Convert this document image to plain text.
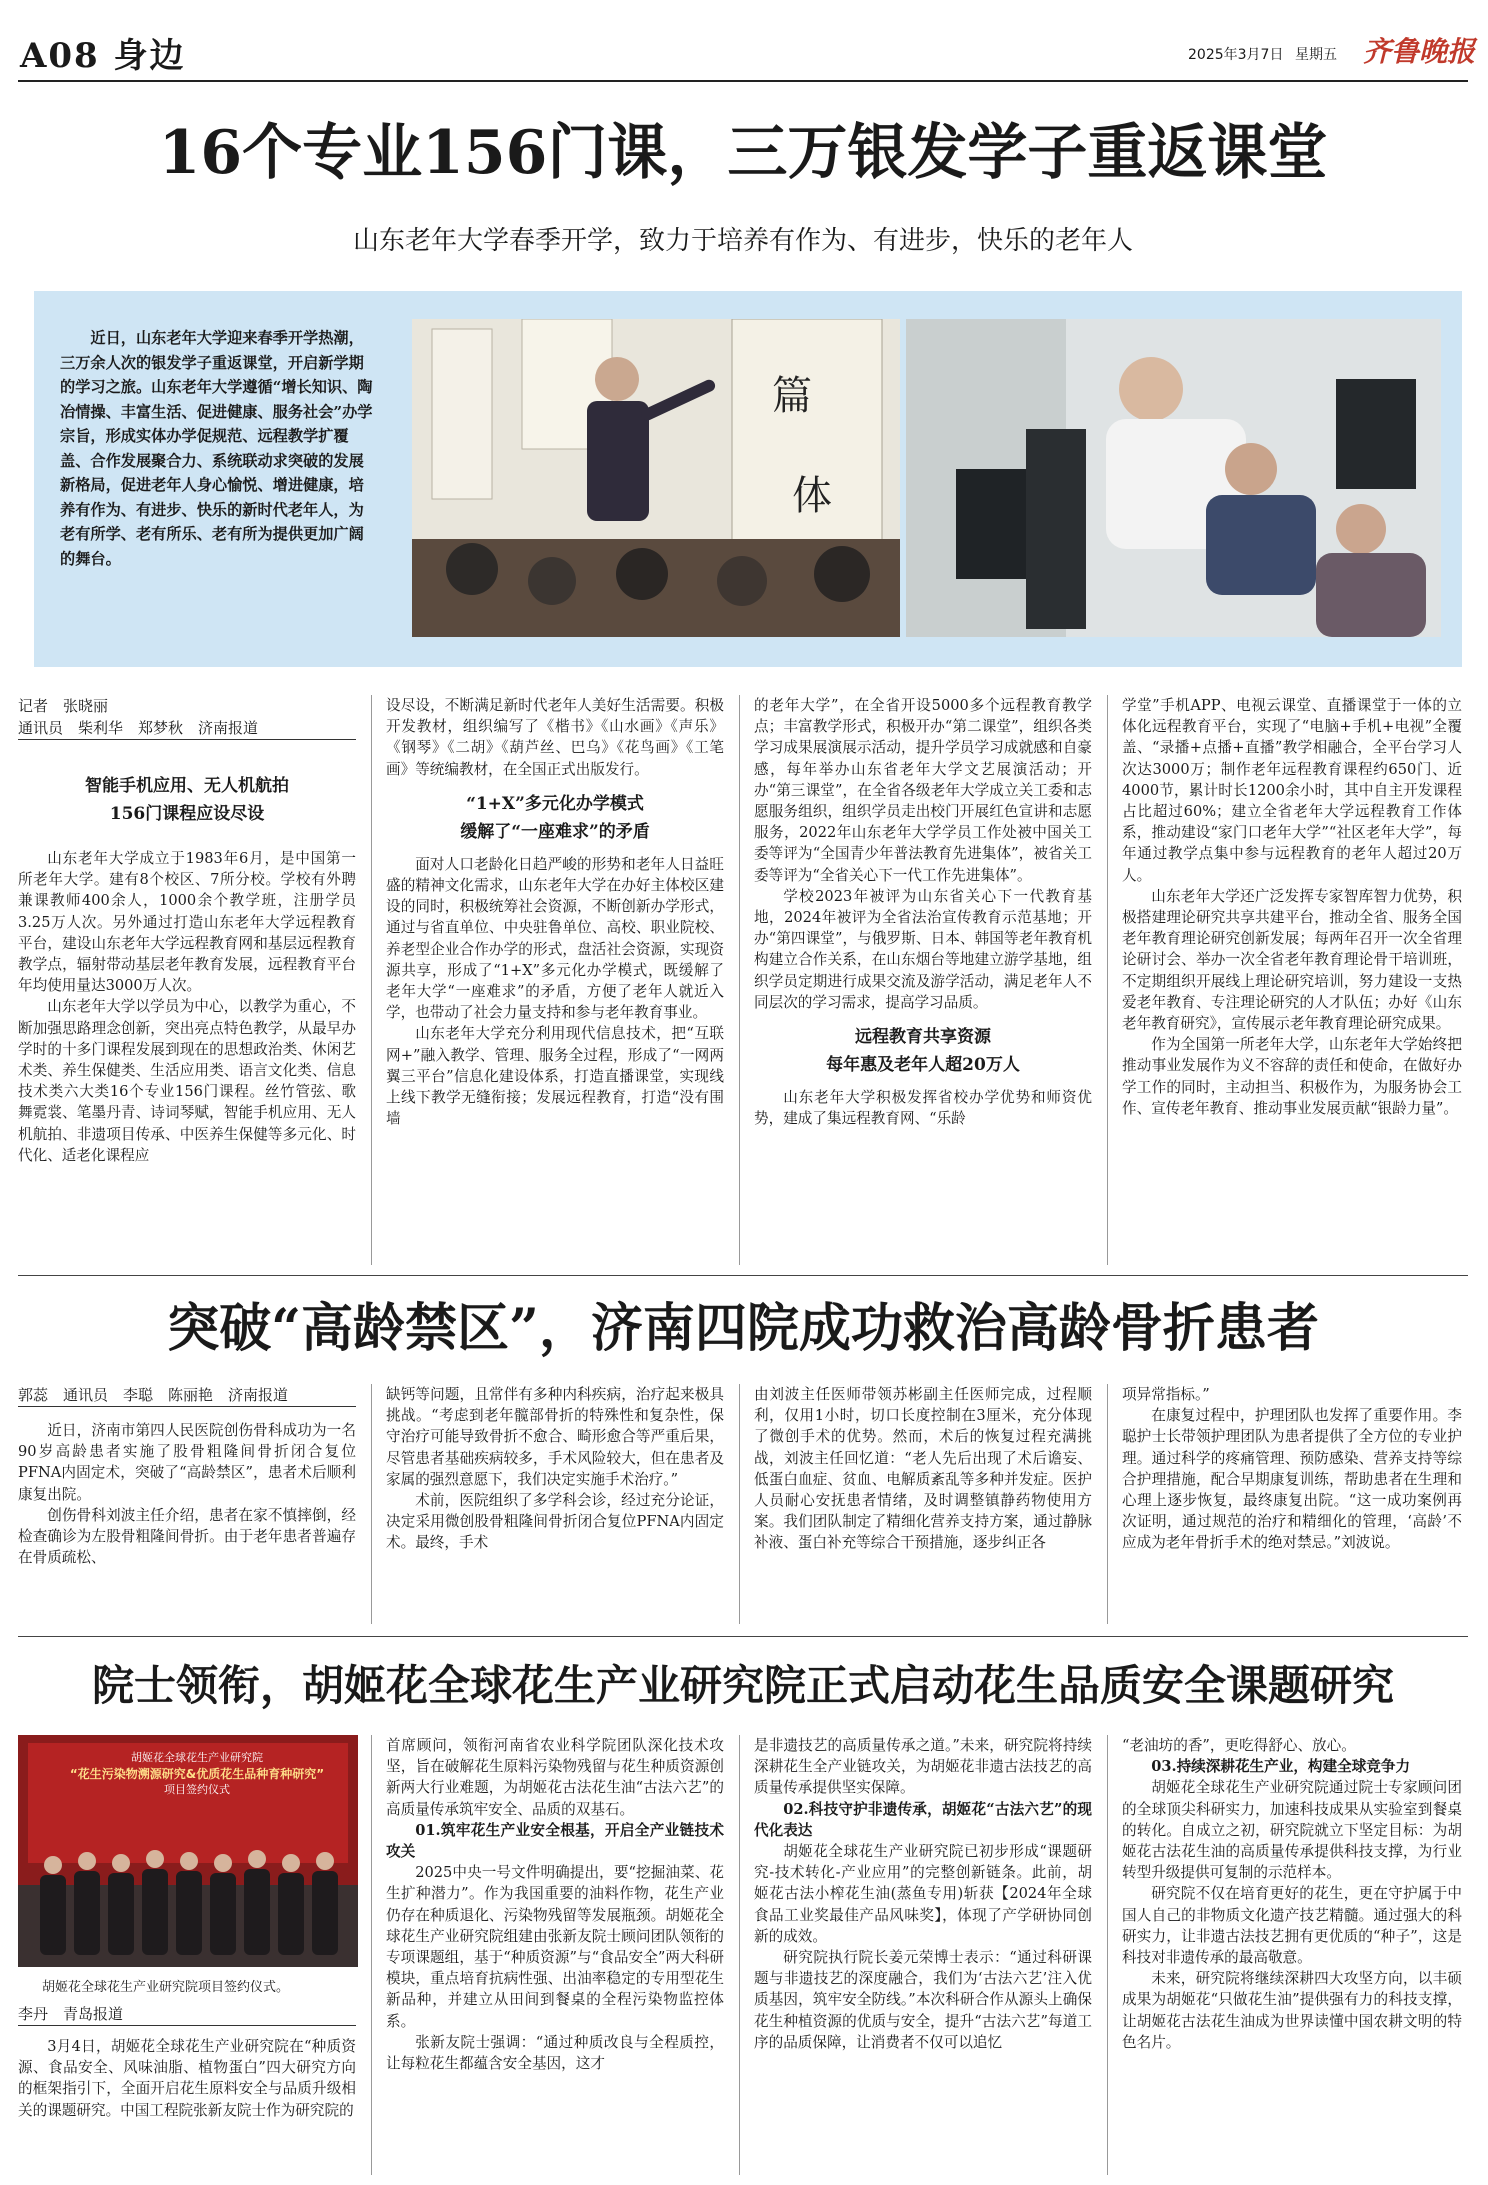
A08 身边	2025年3月7日 星期五 齐鲁晚报
16个专业156门课，三万银发学子重返课堂
山东老年大学春季开学，致力于培养有作为、有进步，快乐的老年人
近日，山东老年大学迎来春季开学热潮，三万余人次的银发学子重返课堂，开启新学期的学习之旅。山东老年大学遵循“增长知识、陶冶情操、丰富生活、促进健康、服务社会”办学宗旨，形成实体办学促规范、远程教学扩覆盖、合作发展聚合力、系统联动求突破的发展新格局，促进老年人身心愉悦、增进健康，培养有作为、有进步、快乐的新时代老年人，为老有所学、老有所乐、老有所为提供更加广阔的舞台。
篇
体
记者　张晓丽
通讯员　柴利华　郑梦秋　济南报道
智能手机应用、无人机航拍
156门课程应设尽设

山东老年大学成立于1983年6月，是中国第一所老年大学。建有8个校区、7所分校。学校有外聘兼课教师400余人，1000余个教学班，注册学员3.25万人次。另外通过打造山东老年大学远程教育平台，建设山东老年大学远程教育网和基层远程教育教学点，辐射带动基层老年教育发展，远程教育平台年均使用量达3000万人次。

山东老年大学以学员为中心，以教学为重心，不断加强思路理念创新，突出亮点特色教学，从最早办学时的十多门课程发展到现在的思想政治类、休闲艺术类、养生保健类、生活应用类、语言文化类、信息技术类六大类16个专业156门课程。丝竹管弦、歌舞霓裳、笔墨丹青、诗词琴赋，智能手机应用、无人机航拍、非遗项目传承、中医养生保健等多元化、时代化、适老化课程应

设尽设，不断满足新时代老年人美好生活需要。积极开发教材，组织编写了《楷书》《山水画》《声乐》《钢琴》《二胡》《葫芦丝、巴乌》《花鸟画》《工笔画》等统编教材，在全国正式出版发行。

“1+X”多元化办学模式
缓解了“一座难求”的矛盾

面对人口老龄化日趋严峻的形势和老年人日益旺盛的精神文化需求，山东老年大学在办好主体校区建设的同时，积极统筹社会资源，不断创新办学形式，通过与省直单位、中央驻鲁单位、高校、职业院校、养老型企业合作办学的形式，盘活社会资源，实现资源共享，形成了“1+X”多元化办学模式，既缓解了老年大学“一座难求”的矛盾，方便了老年人就近入学，也带动了社会力量支持和参与老年教育事业。

山东老年大学充分利用现代信息技术，把“互联网+”融入教学、管理、服务全过程，形成了“一网两翼三平台”信息化建设体系，打造直播课堂，实现线上线下教学无缝衔接；发展远程教育，打造“没有围墙

的老年大学”，在全省开设5000多个远程教育教学点；丰富教学形式，积极开办“第二课堂”，组织各类学习成果展演展示活动，提升学员学习成就感和自豪感，每年举办山东省老年大学文艺展演活动；开办“第三课堂”，在全省各级老年大学成立关工委和志愿服务组织，组织学员走出校门开展红色宣讲和志愿服务，2022年山东老年大学学员工作处被中国关工委等评为“全国青少年普法教育先进集体”，被省关工委等评为“全省关心下一代工作先进集体”。

学校2023年被评为山东省关心下一代教育基地，2024年被评为全省法治宣传教育示范基地；开办“第四课堂”，与俄罗斯、日本、韩国等老年教育机构建立合作关系，在山东烟台等地建立游学基地，组织学员定期进行成果交流及游学活动，满足老年人不同层次的学习需求，提高学习品质。

远程教育共享资源
每年惠及老年人超20万人

山东老年大学积极发挥省校办学优势和师资优势，建成了集远程教育网、“乐龄

学堂”手机APP、电视云课堂、直播课堂于一体的立体化远程教育平台，实现了“电脑+手机+电视”全覆盖、“录播+点播+直播”教学相融合，全平台学习人次达3000万；制作老年远程教育课程约650门、近4000节，累计时长1200余小时，其中自主开发课程占比超过60%；建立全省老年大学远程教育工作体系，推动建设“家门口老年大学”“社区老年大学”，每年通过教学点集中参与远程教育的老年人超过20万人。

山东老年大学还广泛发挥专家智库智力优势，积极搭建理论研究共享共建平台，推动全省、服务全国老年教育理论研究创新发展；每两年召开一次全省理论研讨会、举办一次全省老年教育理论骨干培训班，不定期组织开展线上理论研究培训，努力建设一支热爱老年教育、专注理论研究的人才队伍；办好《山东老年教育研究》，宣传展示老年教育理论研究成果。

作为全国第一所老年大学，山东老年大学始终把推动事业发展作为义不容辞的责任和使命，在做好办学工作的同时，主动担当、积极作为，为服务协会工作、宣传老年教育、推动事业发展贡献“银龄力量”。

突破“高龄禁区”，济南四院成功救治高龄骨折患者
郭蕊　通讯员　李聪　陈丽艳　济南报道

近日，济南市第四人民医院创伤骨科成功为一名90岁高龄患者实施了股骨粗隆间骨折闭合复位PFNA内固定术，突破了“高龄禁区”，患者术后顺利康复出院。

创伤骨科刘波主任介绍，患者在家不慎摔倒，经检查确诊为左股骨粗隆间骨折。由于老年患者普遍存在骨质疏松、

缺钙等问题，且常伴有多种内科疾病，治疗起来极具挑战。“考虑到老年髋部骨折的特殊性和复杂性，保守治疗可能导致骨折不愈合、畸形愈合等严重后果，尽管患者基础疾病较多，手术风险较大，但在患者及家属的强烈意愿下，我们决定实施手术治疗。”

术前，医院组织了多学科会诊，经过充分论证，决定采用微创股骨粗隆间骨折闭合复位PFNA内固定术。最终，手术

由刘波主任医师带领苏彬副主任医师完成，过程顺利，仅用1小时，切口长度控制在3厘米，充分体现了微创手术的优势。然而，术后的恢复过程充满挑战，刘波主任回忆道：“老人先后出现了术后谵妄、低蛋白血症、贫血、电解质紊乱等多种并发症。医护人员耐心安抚患者情绪，及时调整镇静药物使用方案。我们团队制定了精细化营养支持方案，通过静脉补液、蛋白补充等综合干预措施，逐步纠正各

项异常指标。”

在康复过程中，护理团队也发挥了重要作用。李聪护士长带领护理团队为患者提供了全方位的专业护理。通过科学的疼痛管理、预防感染、营养支持等综合护理措施，配合早期康复训练，帮助患者在生理和心理上逐步恢复，最终康复出院。“这一成功案例再次证明，通过规范的治疗和精细化的管理，‘高龄’不应成为老年骨折手术的绝对禁忌。”刘波说。

院士领衔，胡姬花全球花生产业研究院正式启动花生品质安全课题研究
胡姬花全球花生产业研究院
“花生污染物溯源研究&优质花生品种育种研究”
项目签约仪式
胡姬花全球花生产业研究院项目签约仪式。
李丹　青岛报道

3月4日，胡姬花全球花生产业研究院在“种质资源、食品安全、风味油脂、植物蛋白”四大研究方向的框架指引下，全面开启花生原料安全与品质升级相关的课题研究。中国工程院张新友院士作为研究院的

首席顾问，领衔河南省农业科学院团队深化技术攻坚，旨在破解花生原料污染物残留与花生种质资源创新两大行业难题，为胡姬花古法花生油“古法六艺”的高质量传承筑牢安全、品质的双基石。

01.筑牢花生产业安全根基，开启全产业链技术攻关

2025中央一号文件明确提出，要“挖掘油菜、花生扩种潜力”。作为我国重要的油料作物，花生产业仍存在种质退化、污染物残留等发展瓶颈。胡姬花全球花生产业研究院组建由张新友院士顾问团队领衔的专项课题组，基于“种质资源”与“食品安全”两大科研模块，重点培育抗病性强、出油率稳定的专用型花生新品种，并建立从田间到餐桌的全程污染物监控体系。

张新友院士强调：“通过种质改良与全程质控，让每粒花生都蕴含安全基因，这才

是非遗技艺的高质量传承之道。”未来，研究院将持续深耕花生全产业链攻关，为胡姬花非遗古法技艺的高质量传承提供坚实保障。

02.科技守护非遗传承，胡姬花“古法六艺”的现代化表达

胡姬花全球花生产业研究院已初步形成“课题研究-技术转化-产业应用”的完整创新链条。此前，胡姬花古法小榨花生油(蒸鱼专用)斩获【2024年全球食品工业奖最佳产品风味奖】，体现了产学研协同创新的成效。

研究院执行院长姜元荣博士表示：“通过科研课题与非遗技艺的深度融合，我们为‘古法六艺’注入优质基因，筑牢安全防线。”本次科研合作从源头上确保花生种植资源的优质与安全，提升“古法六艺”每道工序的品质保障，让消费者不仅可以追忆

“老油坊的香”，更吃得舒心、放心。

03.持续深耕花生产业，构建全球竞争力

胡姬花全球花生产业研究院通过院士专家顾问团的全球顶尖科研实力，加速科技成果从实验室到餐桌的转化。自成立之初，研究院就立下坚定目标：为胡姬花古法花生油的高质量传承提供科技支撑，为行业转型升级提供可复制的示范样本。

研究院不仅在培育更好的花生，更在守护属于中国人自己的非物质文化遗产技艺精髓。通过强大的科研实力，让非遗古法技艺拥有更优质的“种子”，这是科技对非遗传承的最高敬意。

未来，研究院将继续深耕四大攻坚方向，以丰硕成果为胡姬花“只做花生油”提供强有力的科技支撑，让胡姬花古法花生油成为世界读懂中国农耕文明的特色名片。
